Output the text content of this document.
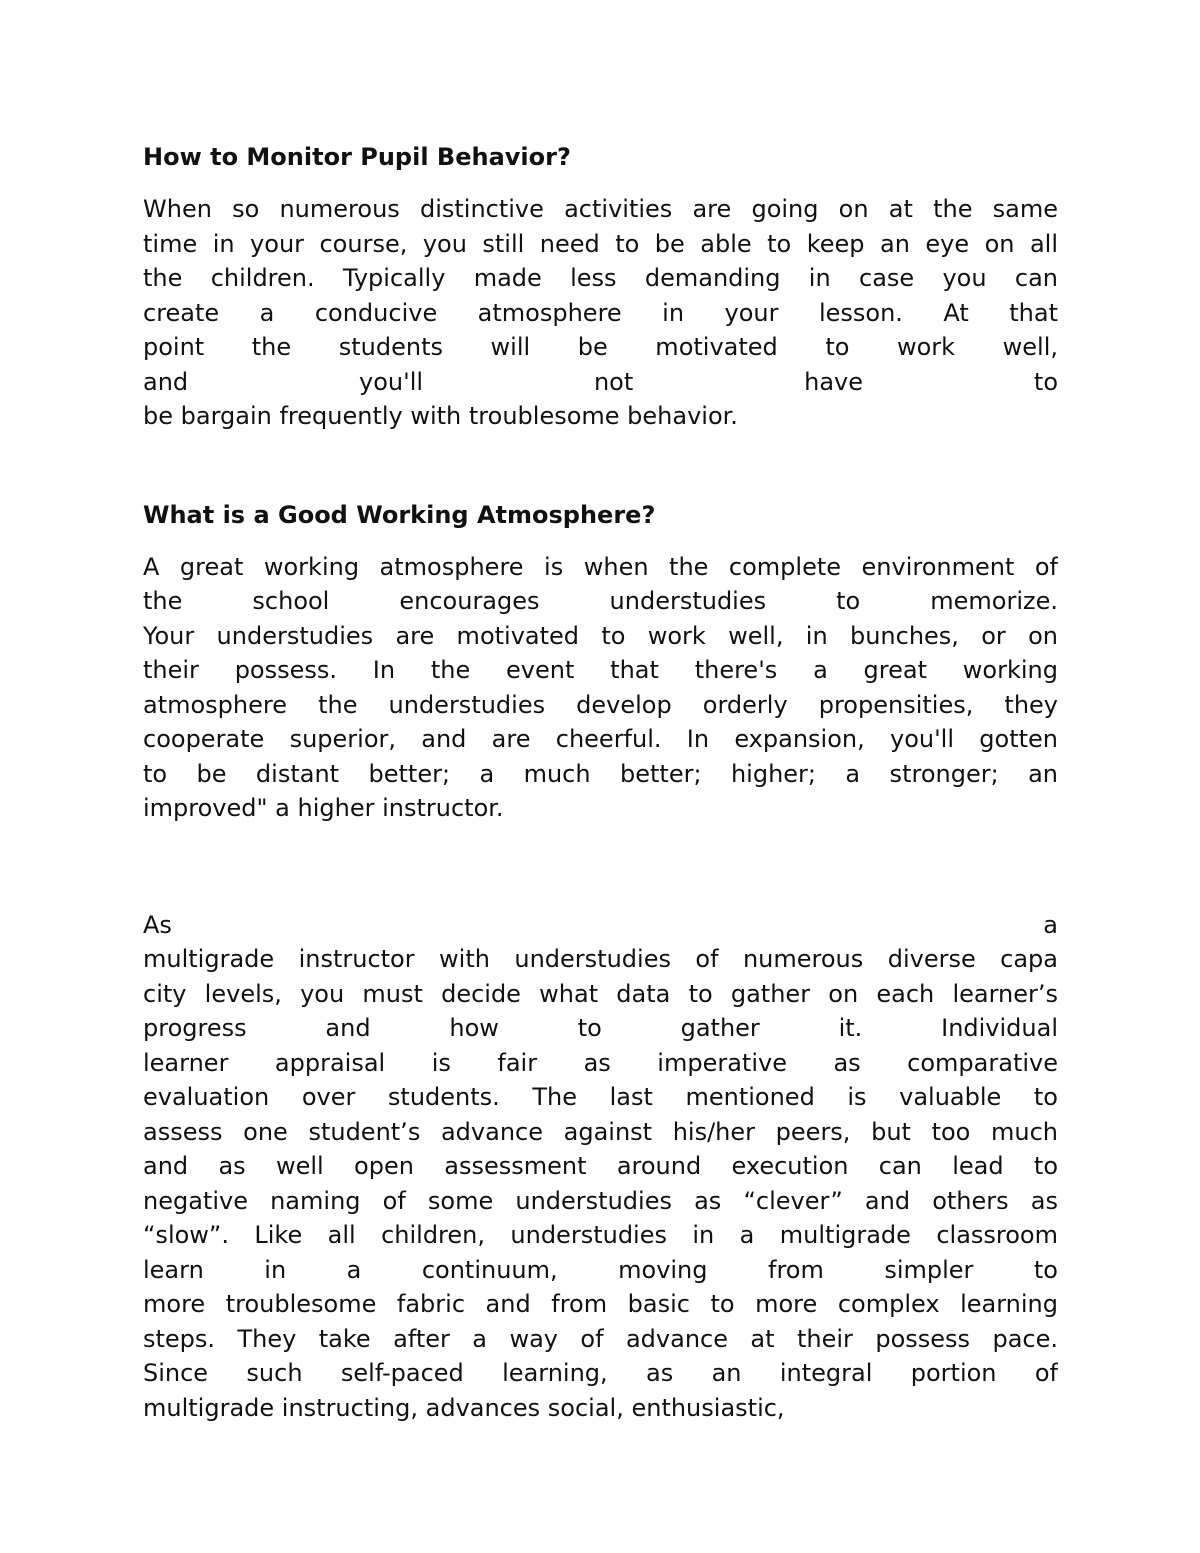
How to Monitor Pupil Behavior?
When so numerous distinctive activities are going on at the same
time in your course, you still need to be able to keep an eye on all
the children. Typically made less demanding in case you can
create a conducive atmosphere in your lesson. At that
point the students will be motivated to work well,
and you'll not have to
be bargain frequently with troublesome behavior.
What is a Good Working Atmosphere?
A great working atmosphere is when the complete environment of
the school encourages understudies to memorize.
Your understudies are motivated to work well, in bunches, or on
their possess. In the event that there's a great working
atmosphere the understudies develop orderly propensities, they
cooperate superior, and are cheerful. In expansion, you'll gotten
to be distant better; a much better; higher; a stronger; an
improved" a higher instructor.
As a
multigrade instructor with understudies of numerous diverse capa
city levels, you must decide what data to gather on each learner’s
progress and how to gather it. Individual
learner appraisal is fair as imperative as comparative
evaluation over students. The last mentioned is valuable to
assess one student’s advance against his/her peers, but too much
and as well open assessment around execution can lead to
negative naming of some understudies as “clever” and others as
“slow”. Like all children, understudies in a multigrade classroom
learn in a continuum, moving from simpler to
more troublesome fabric and from basic to more complex learning
steps. They take after a way of advance at their possess pace.
Since such self-paced learning, as an integral portion of
multigrade instructing, advances social, enthusiastic,
